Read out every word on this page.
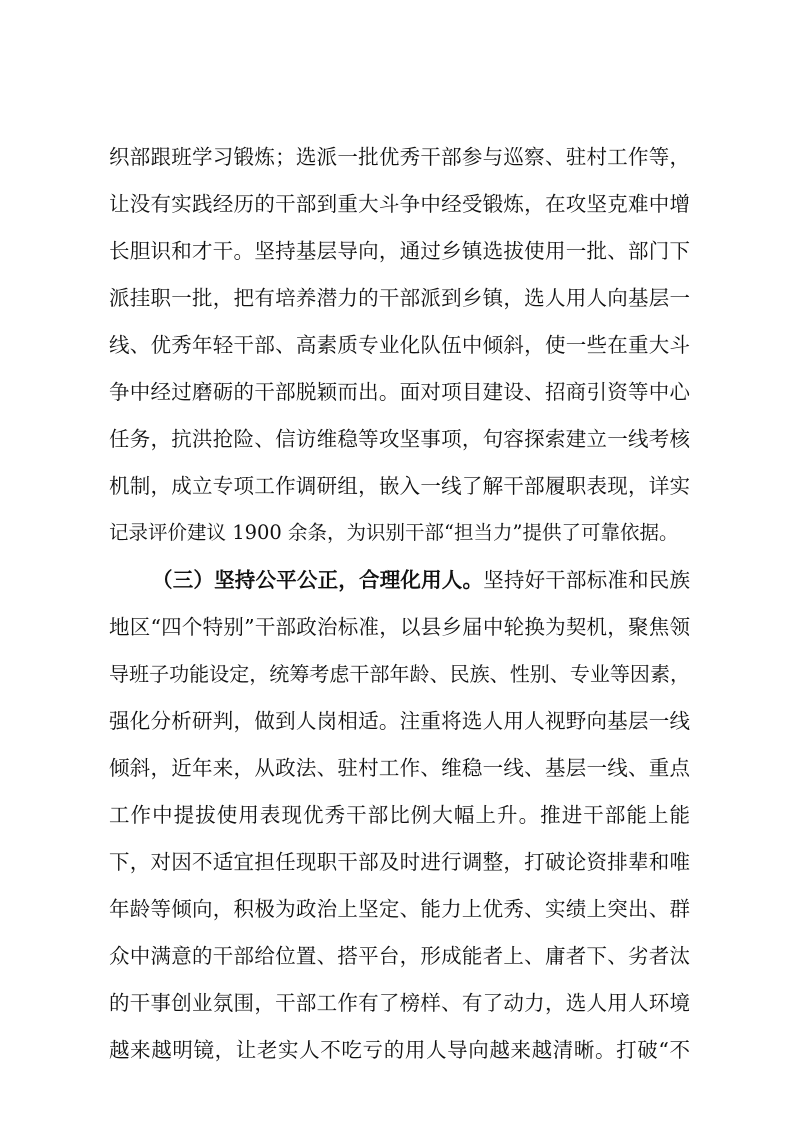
织部跟班学习锻炼；选派一批优秀干部参与巡察、驻村工作等，
让没有实践经历的干部到重大斗争中经受锻炼，在攻坚克难中增
长胆识和才干。坚持基层导向，通过乡镇选拔使用一批、部门下
派挂职一批，把有培养潜力的干部派到乡镇，选人用人向基层一
线、优秀年轻干部、高素质专业化队伍中倾斜，使一些在重大斗
争中经过磨砺的干部脱颖而出。面对项目建设、招商引资等中心
任务，抗洪抢险、信访维稳等攻坚事项，句容探索建立一线考核
机制，成立专项工作调研组，嵌入一线了解干部履职表现，详实
记录评价建议 1900 余条，为识别干部“担当力”提供了可靠依据。
（三）坚持公平公正，合理化用人。坚持好干部标准和民族
地区“四个特别”干部政治标准，以县乡届中轮换为契机，聚焦领
导班子功能设定，统筹考虑干部年龄、民族、性别、专业等因素，
强化分析研判，做到人岗相适。注重将选人用人视野向基层一线
倾斜，近年来，从政法、驻村工作、维稳一线、基层一线、重点
工作中提拔使用表现优秀干部比例大幅上升。推进干部能上能
下，对因不适宜担任现职干部及时进行调整，打破论资排辈和唯
年龄等倾向，积极为政治上坚定、能力上优秀、实绩上突出、群
众中满意的干部给位置、搭平台，形成能者上、庸者下、劣者汰
的干事创业氛围，干部工作有了榜样、有了动力，选人用人环境
越来越明镜，让老实人不吃亏的用人导向越来越清晰。打破“不
